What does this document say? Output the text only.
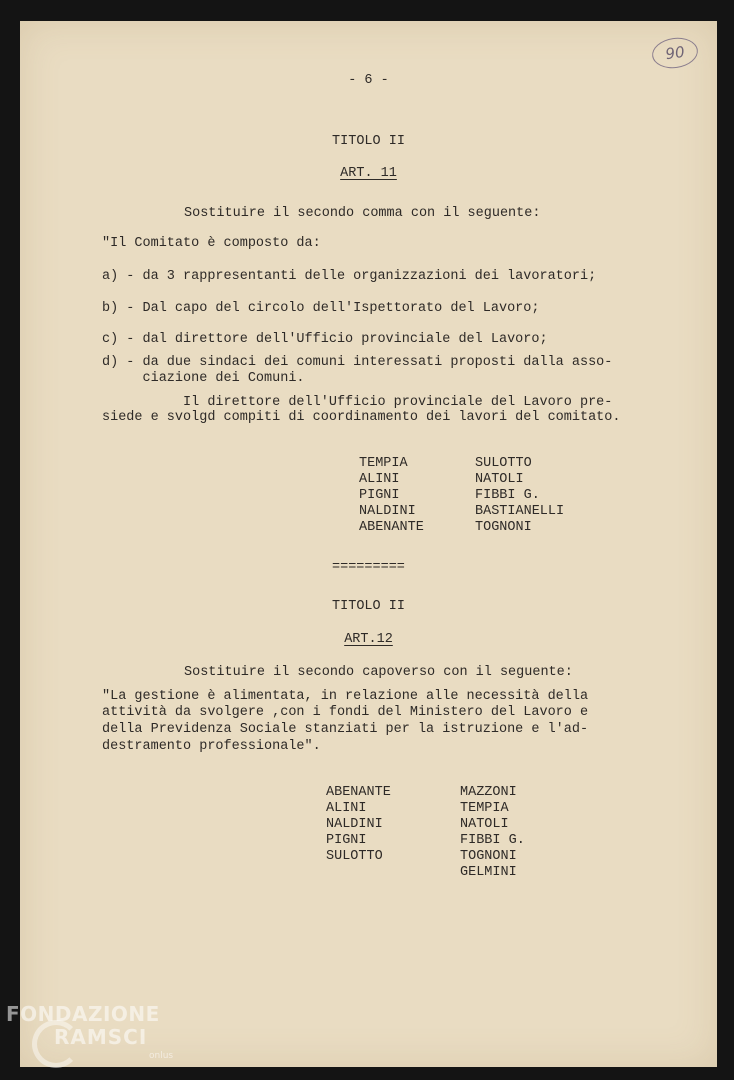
90
- 6 -
TITOLO II
ART. 11
Sostituire il secondo comma con il seguente:
"Il Comitato è composto da:
a) - da 3 rappresentanti delle organizzazioni dei lavoratori;
b) - Dal capo del circolo dell'Ispettorato del Lavoro;
c) - dal direttore dell'Ufficio provinciale del Lavoro;
d) - da due sindaci dei comuni interessati proposti dalla asso-
ciazione dei Comuni.
Il direttore dell'Ufficio provinciale del Lavoro pre-
siede e svolgd compiti di coordinamento dei lavori del comitato.
TEMPIA
ALINI
PIGNI
NALDINI
ABENANTE
SULOTTO
NATOLI
FIBBI G.
BASTIANELLI
TOGNONI
=========
TITOLO II
ART.12
Sostituire il secondo capoverso con il seguente:
"La gestione è alimentata, in relazione alle necessità della
attività da svolgere ,con i fondi del Ministero del Lavoro e
della Previdenza Sociale stanziati per la istruzione e l'ad-
destramento professionale".
ABENANTE
ALINI
NALDINI
PIGNI
SULOTTO
MAZZONI
TEMPIA
NATOLI
FIBBI G.
TOGNONI
GELMINI
FONDAZIONE
RAMSCI
onlus
